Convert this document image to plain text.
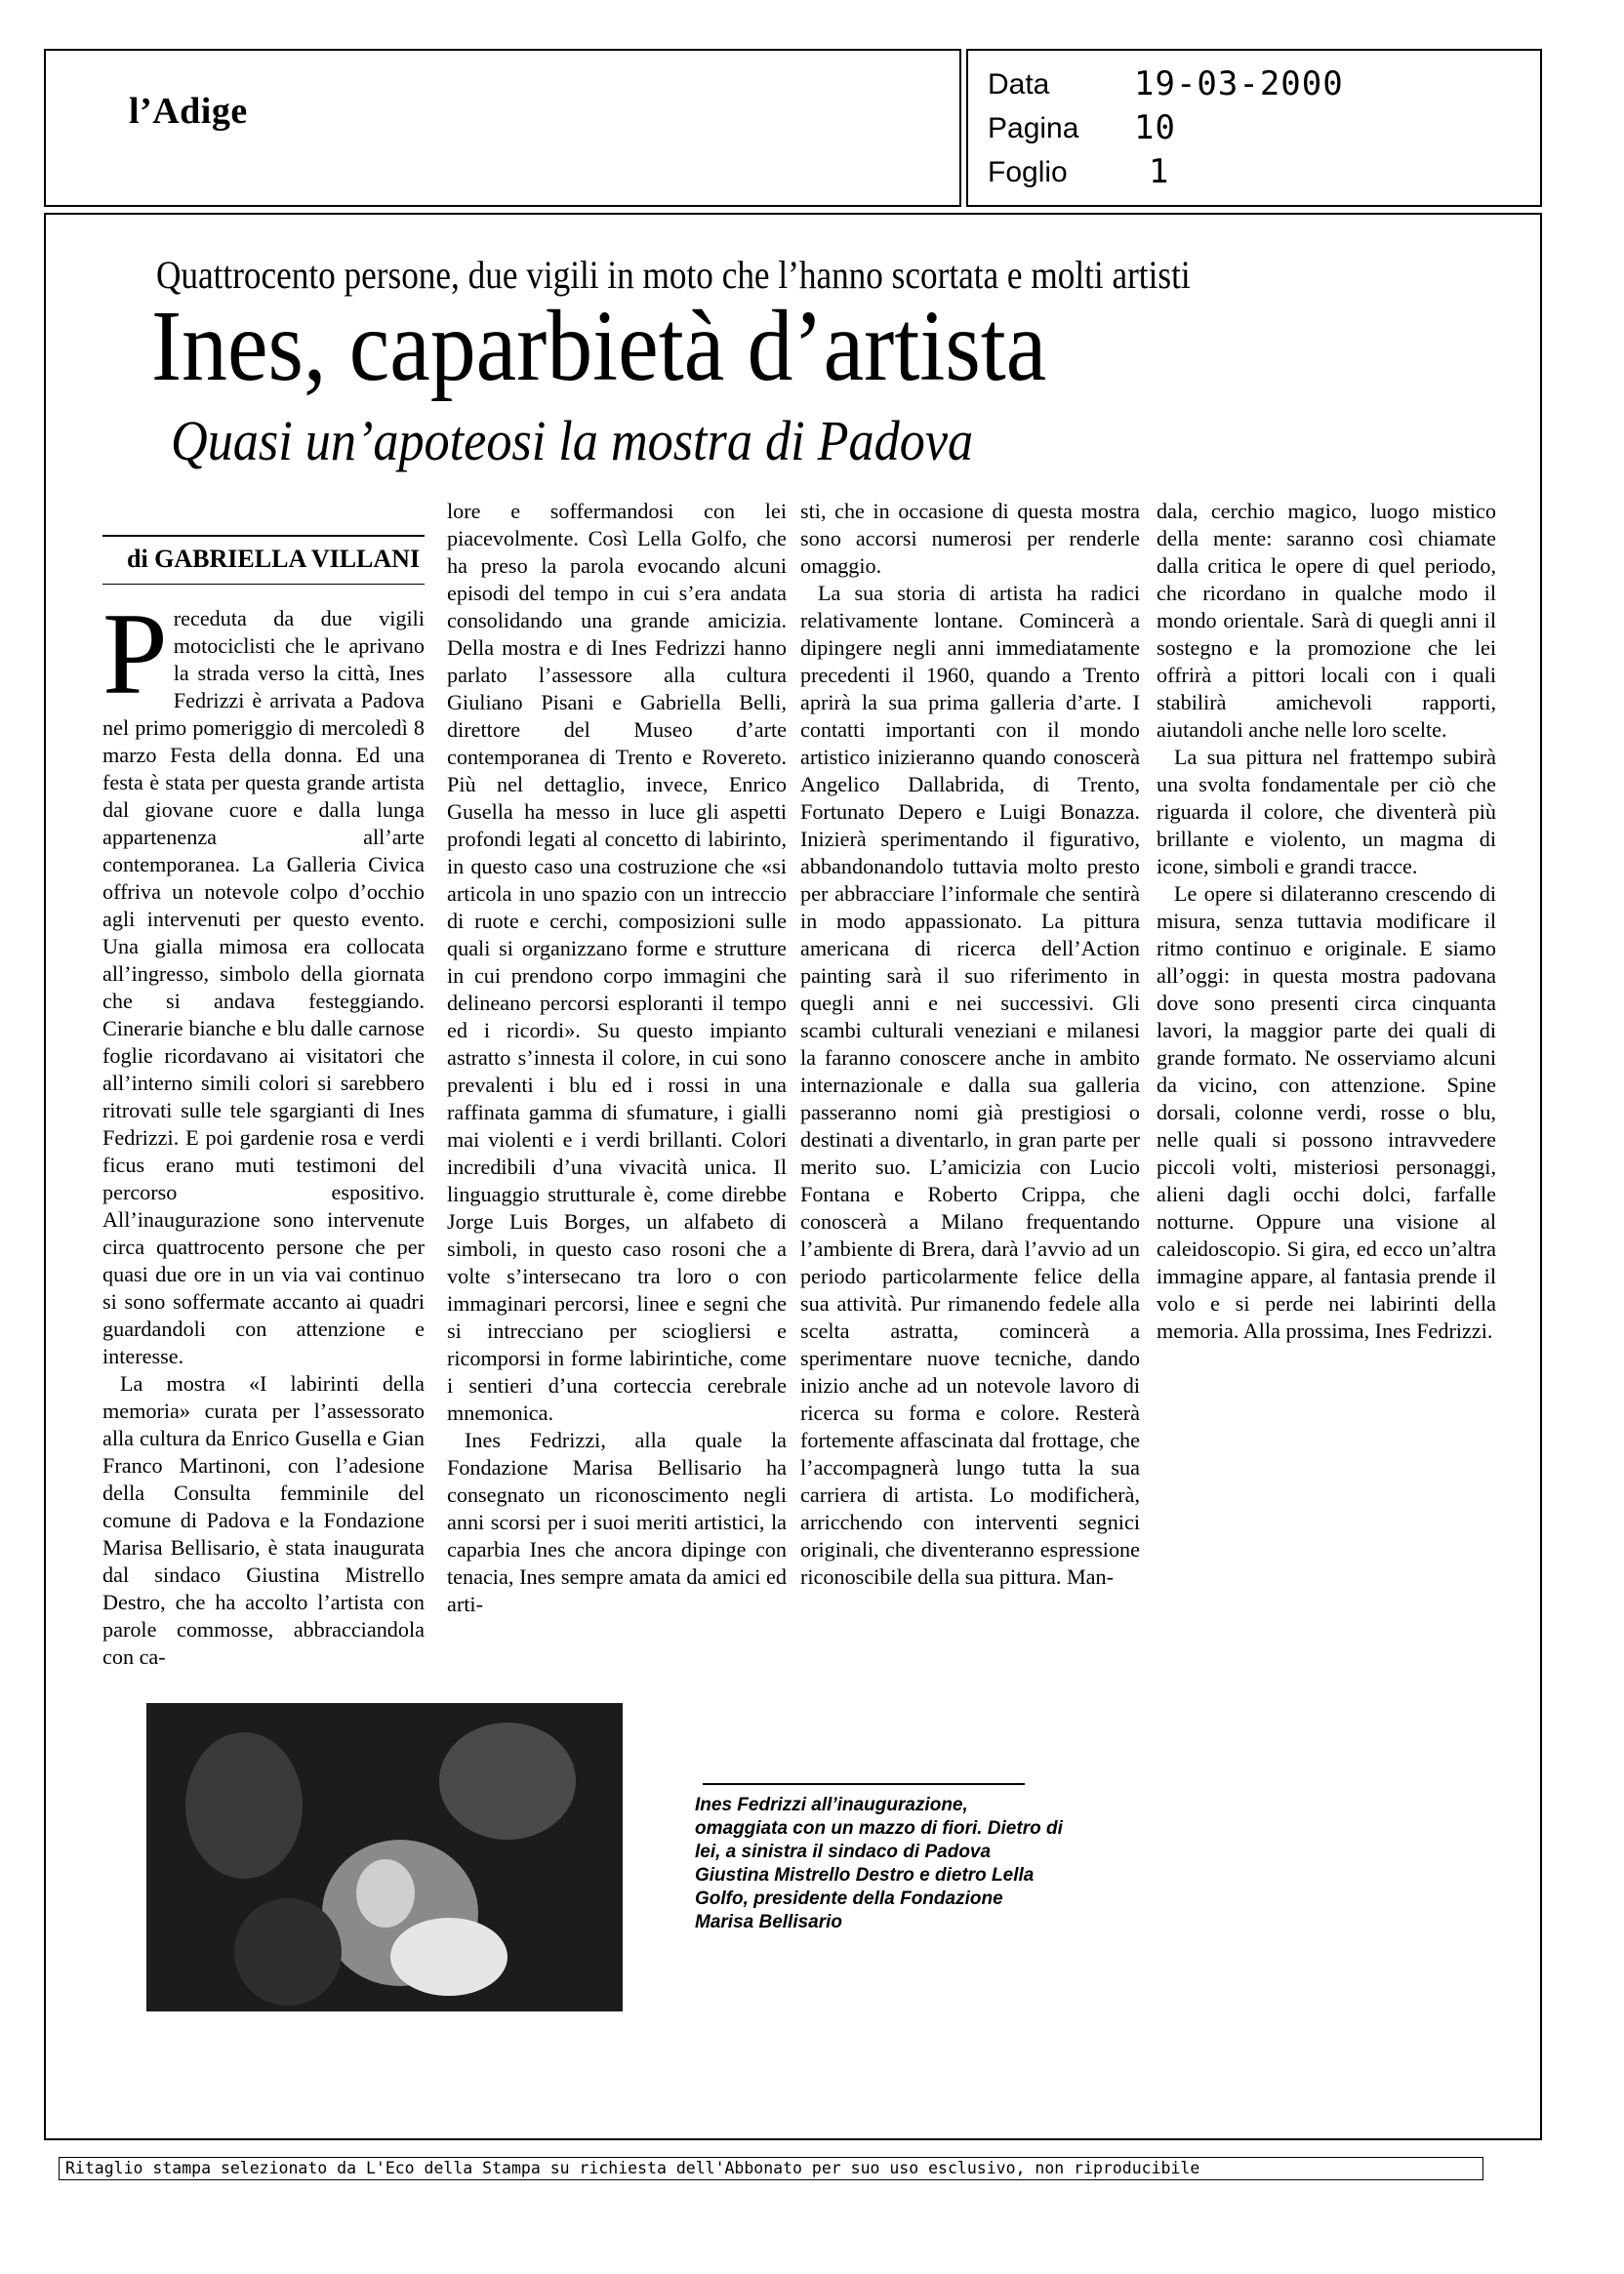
l’Adige
Data	19-03-2000
Pagina 10
Foglio 1
Quattrocento persone, due vigili in moto che l’hanno scortata e molti artisti
Ines, caparbietà d’artista
Quasi un’apoteosi la mostra di Padova
di GABRIELLA VILLANI

Preceduta da due vigili motociclisti che le aprivano la strada verso la città, Ines Fedrizzi è arrivata a Padova nel primo pomeriggio di mercoledì 8 marzo Festa della donna. Ed una festa è stata per questa grande artista dal giovane cuore e dalla lunga appartenenza all’arte contemporanea. La Galleria Civica offriva un notevole colpo d’occhio agli intervenuti per questo evento. Una gialla mimosa era collocata all’ingresso, simbolo della giornata che si andava festeggiando. Cinerarie bianche e blu dalle carnose foglie ricordavano ai visitatori che all’interno simili colori si sarebbero ritrovati sulle tele sgargianti di Ines Fedrizzi. E poi gardenie rosa e verdi ficus erano muti testimoni del percorso espositivo. All’inaugurazione sono intervenute circa quattrocento persone che per quasi due ore in un via vai continuo si sono soffermate accanto ai quadri guardandoli con attenzione e interesse.

La mostra «I labirinti della memoria» curata per l’assessorato alla cultura da Enrico Gusella e Gian Franco Martinoni, con l’adesione della Consulta femminile del comune di Padova e la Fondazione Marisa Bellisario, è stata inaugurata dal sindaco Giustina Mistrello Destro, che ha accolto l’artista con parole commosse, abbracciandola con ca-

lore e soffermandosi con lei piacevolmente. Così Lella Golfo, che ha preso la parola evocando alcuni episodi del tempo in cui s’era andata consolidando una grande amicizia. Della mostra e di Ines Fedrizzi hanno parlato l’assessore alla cultura Giuliano Pisani e Gabriella Belli, direttore del Museo d’arte contemporanea di Trento e Rovereto. Più nel dettaglio, invece, Enrico Gusella ha messo in luce gli aspetti profondi legati al concetto di labirinto, in questo caso una costruzione che «si articola in uno spazio con un intreccio di ruote e cerchi, composizioni sulle quali si organizzano forme e strutture in cui prendono corpo immagini che delineano percorsi esploranti il tempo ed i ricordi». Su questo impianto astratto s’innesta il colore, in cui sono prevalenti i blu ed i rossi in una raffinata gamma di sfumature, i gialli mai violenti e i verdi brillanti. Colori incredibili d’una vivacità unica. Il linguaggio strutturale è, come direbbe Jorge Luis Borges, un alfabeto di simboli, in questo caso rosoni che a volte s’intersecano tra loro o con immaginari percorsi, linee e segni che si intrecciano per sciogliersi e ricomporsi in forme labirintiche, come i sentieri d’una corteccia cerebrale mnemonica.

Ines Fedrizzi, alla quale la Fondazione Marisa Bellisario ha consegnato un riconoscimento negli anni scorsi per i suoi meriti artistici, la caparbia Ines che ancora dipinge con tenacia, Ines sempre amata da amici ed arti-

sti, che in occasione di questa mostra sono accorsi numerosi per renderle omaggio.

La sua storia di artista ha radici relativamente lontane. Comincerà a dipingere negli anni immediatamente precedenti il 1960, quando a Trento aprirà la sua prima galleria d’arte. I contatti importanti con il mondo artistico inizieranno quando conoscerà Angelico Dallabrida, di Trento, Fortunato Depero e Luigi Bonazza. Inizierà sperimentando il figurativo, abbandonandolo tuttavia molto presto per abbracciare l’informale che sentirà in modo appassionato. La pittura americana di ricerca dell’Action painting sarà il suo riferimento in quegli anni e nei successivi. Gli scambi culturali veneziani e milanesi la faranno conoscere anche in ambito internazionale e dalla sua galleria passeranno nomi già prestigiosi o destinati a diventarlo, in gran parte per merito suo. L’amicizia con Lucio Fontana e Roberto Crippa, che conoscerà a Milano frequentando l’ambiente di Brera, darà l’avvio ad un periodo particolarmente felice della sua attività. Pur rimanendo fedele alla scelta astratta, comincerà a sperimentare nuove tecniche, dando inizio anche ad un notevole lavoro di ricerca su forma e colore. Resterà fortemente affascinata dal frottage, che l’accompagnerà lungo tutta la sua carriera di artista. Lo modificherà, arricchendo con interventi segnici originali, che diventeranno espressione riconoscibile della sua pittura. Man-

dala, cerchio magico, luogo mistico della mente: saranno così chiamate dalla critica le opere di quel periodo, che ricordano in qualche modo il mondo orientale. Sarà di quegli anni il sostegno e la promozione che lei offrirà a pittori locali con i quali stabilirà amichevoli rapporti, aiutandoli anche nelle loro scelte.

La sua pittura nel frattempo subirà una svolta fondamentale per ciò che riguarda il colore, che diventerà più brillante e violento, un magma di icone, simboli e grandi tracce.

Le opere si dilateranno crescendo di misura, senza tuttavia modificare il ritmo continuo e originale. E siamo all’oggi: in questa mostra padovana dove sono presenti circa cinquanta lavori, la maggior parte dei quali di grande formato. Ne osserviamo alcuni da vicino, con attenzione. Spine dorsali, colonne verdi, rosse o blu, nelle quali si possono intravvedere piccoli volti, misteriosi personaggi, alieni dagli occhi dolci, farfalle notturne. Oppure una visione al caleidoscopio. Si gira, ed ecco un’altra immagine appare, al fantasia prende il volo e si perde nei labirinti della memoria. Alla prossima, Ines Fedrizzi.

Ines Fedrizzi all’inaugurazione, omaggiata con un mazzo di fiori. Dietro di lei, a sinistra il sindaco di Padova Giustina Mistrello Destro e dietro Lella Golfo, presidente della Fondazione Marisa Bellisario
Ritaglio stampa selezionato da L'Eco della Stampa su richiesta dell'Abbonato per suo uso esclusivo, non riproducibile
